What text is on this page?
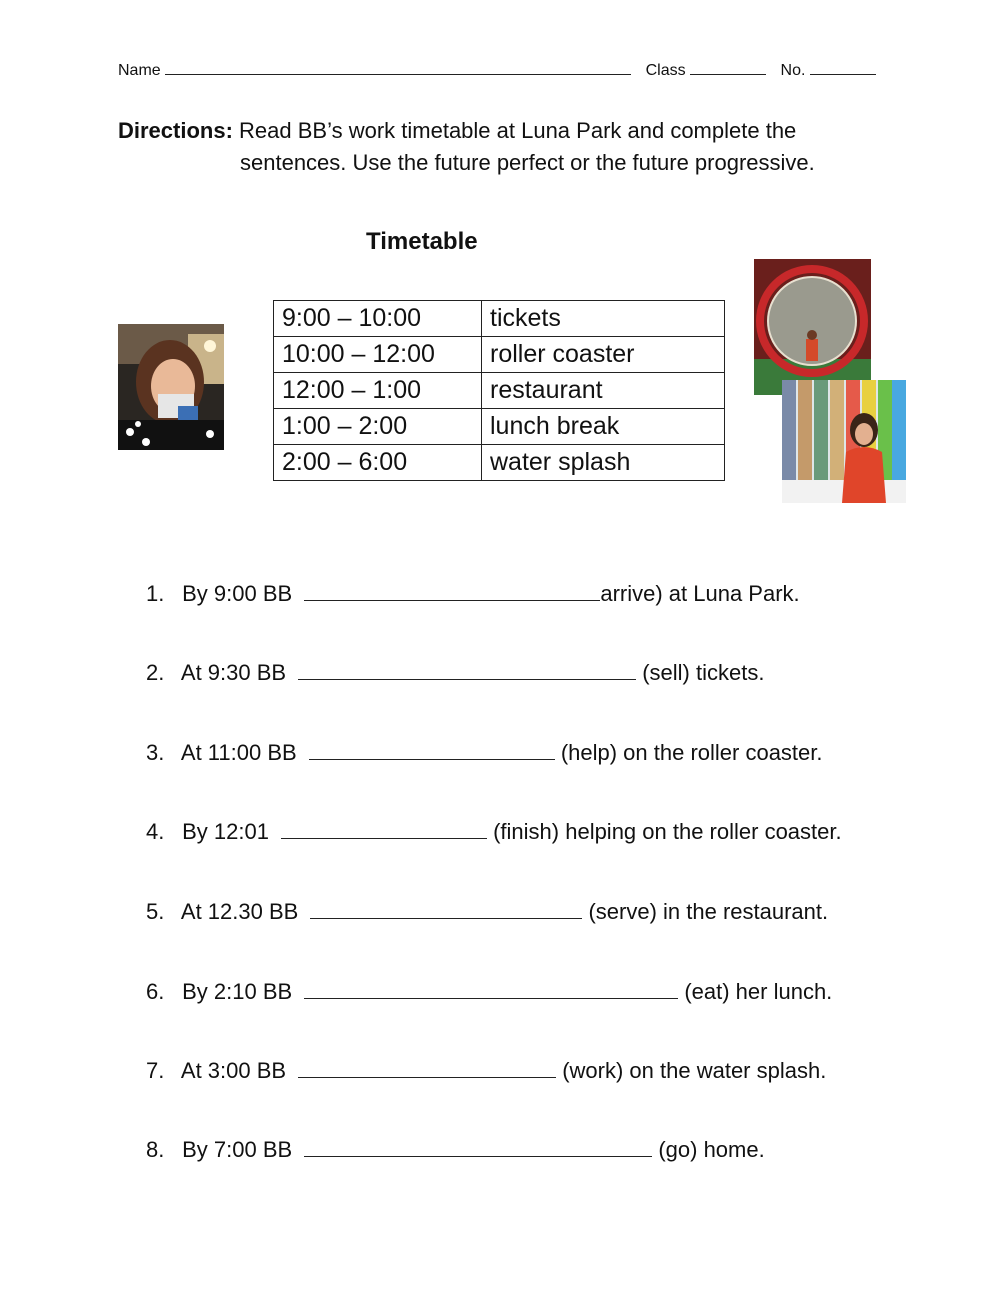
Name	Class	No.
Directions: Read BB’s work timetable at Luna Park and complete the
sentences. Use the future perfect or the future progressive.
Timetable
9:00 – 10:00	tickets
10:00 – 12:00	roller coaster
12:00 – 1:00	restaurant
1:00 – 2:00	lunch break
2:00 – 6:00	water splash
1. By 9:00 BB	arrive) at Luna Park.
2. At 9:30 BB	(sell) tickets.
3. At 11:00 BB	(help) on the roller coaster.
4. By 12:01	(finish) helping on the roller coaster.
5. At 12.30 BB	(serve) in the restaurant.
6. By 2:10 BB	(eat) her lunch.
7. At 3:00 BB	(work) on the water splash.
8. By 7:00 BB	(go) home.
